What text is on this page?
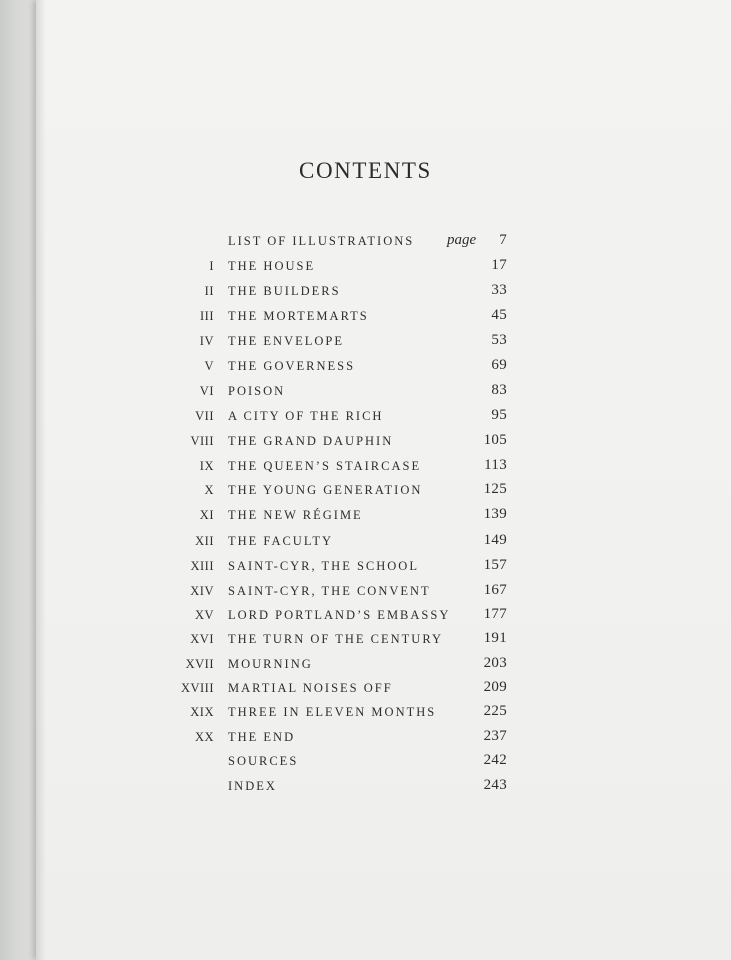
CONTENTS
LIST OF ILLUSTRATIONS page 7
I THE HOUSE	17
II THE BUILDERS	33
III THE MORTEMARTS	45
IV THE ENVELOPE	53
V THE GOVERNESS	69
VI POISON	83
VII A CITY OF THE RICH	95
VIII THE GRAND DAUPHIN	105
IX THE QUEEN’S STAIRCASE	113
X THE YOUNG GENERATION	125
XI THE NEW RÉGIME	139
XII THE FACULTY	149
XIII SAINT-CYR, THE SCHOOL	157
XIV SAINT-CYR, THE CONVENT	167
XV LORD PORTLAND’S EMBASSY 177
XVI THE TURN OF THE CENTURY	191
XVII MOURNING	203
XVIII MARTIAL NOISES OFF	209
XIX THREE IN ELEVEN MONTHS	225
XX THE END	237
SOURCES	242
INDEX	243
